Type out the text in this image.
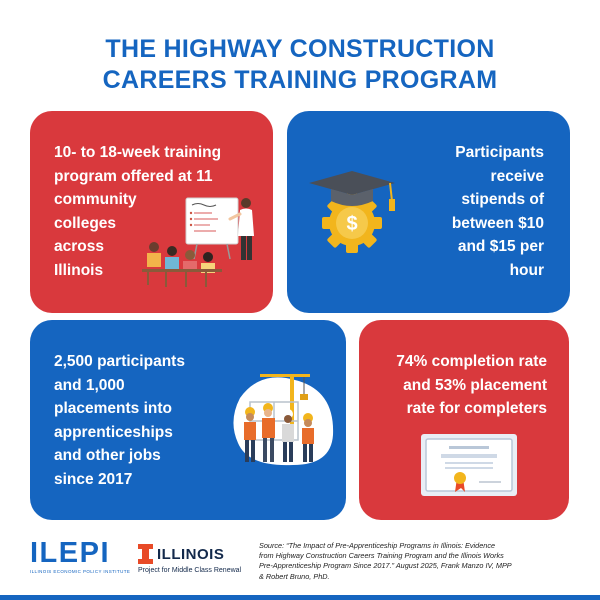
THE HIGHWAY CONSTRUCTION
CAREERS TRAINING PROGRAM
10- to 18-week training
program offered at 11
community
colleges
across
Illinois
Participants
receive
stipends of
between $10
and $15 per
hour
$
2,500 participants
and 1,000
placements into
apprenticeships
and other jobs
since 2017
74% completion rate
and 53% placement
rate for completers
ILEPI
ILLINOIS ECONOMIC POLICY INSTITUTE
ILLINOIS
Project for Middle Class Renewal
Source: “The Impact of Pre-Apprenticeship Programs in Illinois: Evidence
from Highway Construction Careers Training Program and the Illinois Works
Pre-Apprenticeship Program Since 2017.” August 2025, Frank Manzo IV, MPP
& Robert Bruno, PhD.
